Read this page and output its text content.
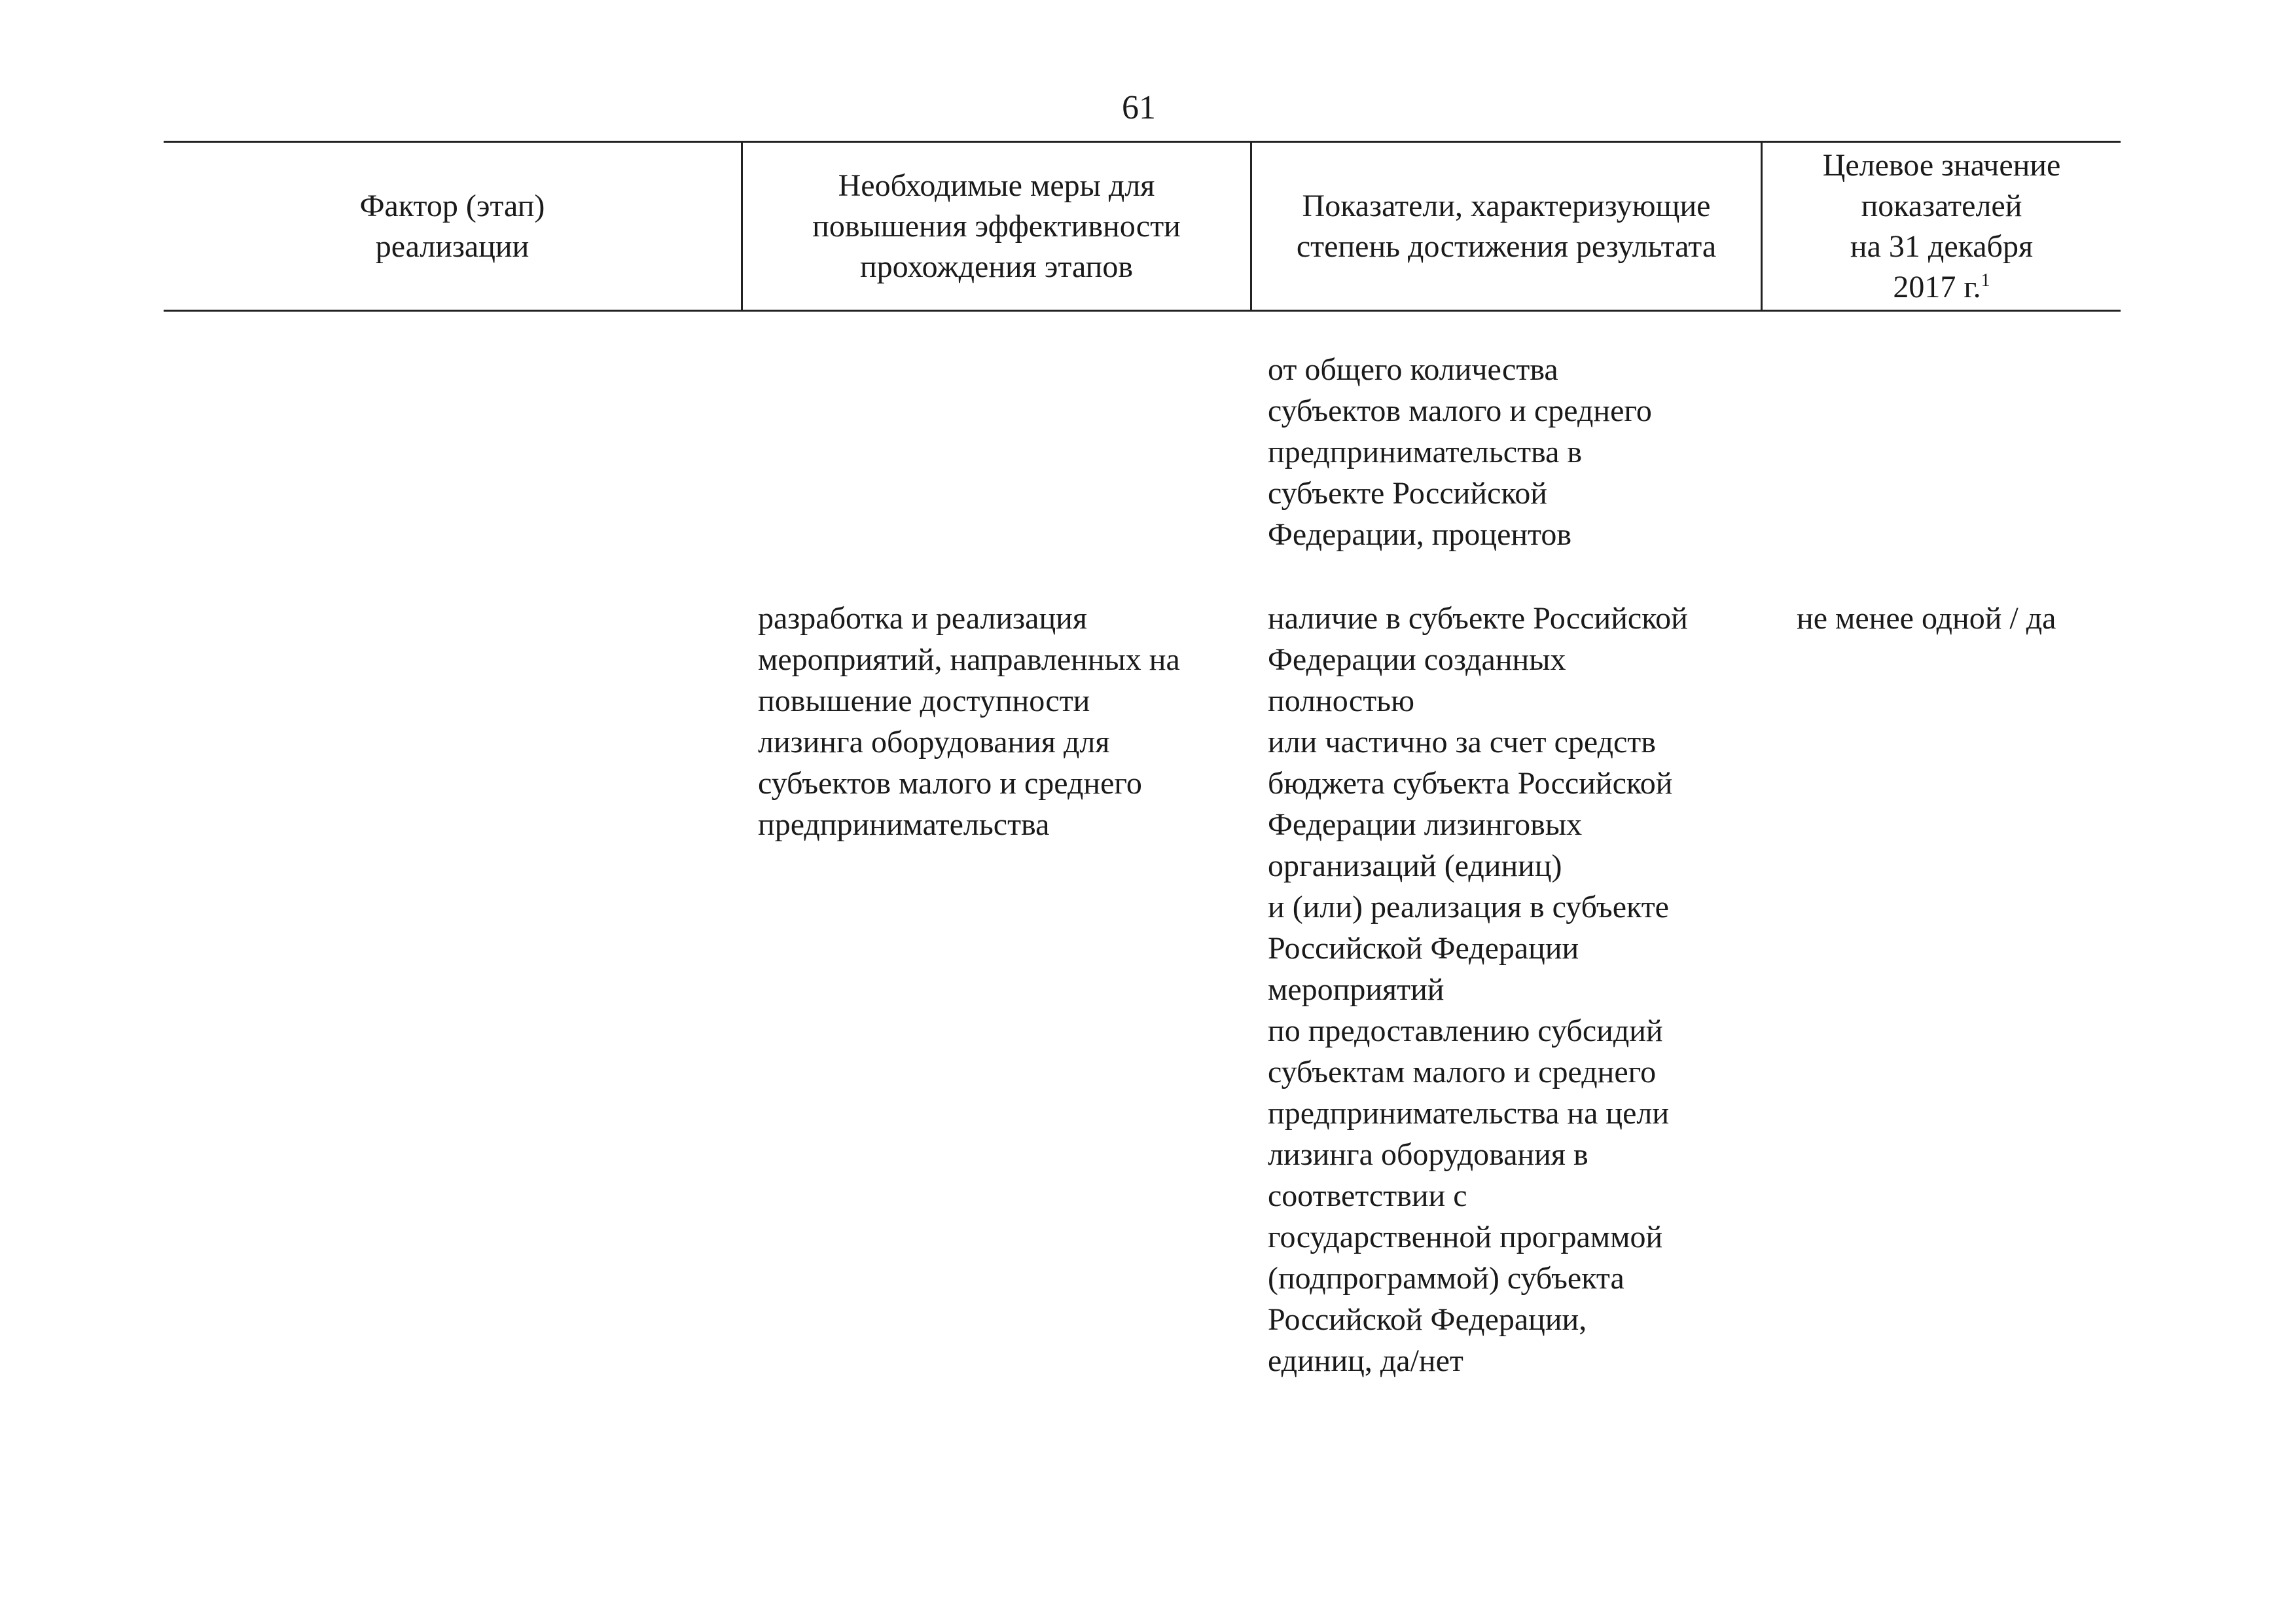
61
Фактор (этап)
реализации
Необходимые меры для
повышения эффективности
прохождения этапов
Показатели, характеризующие
степень достижения результата
Целевое значение
показателей
на 31 декабря
2017 г.$^1$
от общего количества
субъектов малого и среднего
предпринимательства в
субъекте Российской
Федерации, процентов
разработка и реализация
мероприятий, направленных на
повышение доступности
лизинга оборудования для
субъектов малого и среднего
предпринимательства
наличие в субъекте Российской
Федерации созданных
полностью
или частично за счет средств
бюджета субъекта Российской
Федерации лизинговых
организаций (единиц)
и (или) реализация в субъекте
Российской Федерации
мероприятий
по предоставлению субсидий
субъектам малого и среднего
предпринимательства на цели
лизинга оборудования в
соответствии с
государственной программой
(подпрограммой) субъекта
Российской Федерации,
единиц, да/нет
не менее одной / да
